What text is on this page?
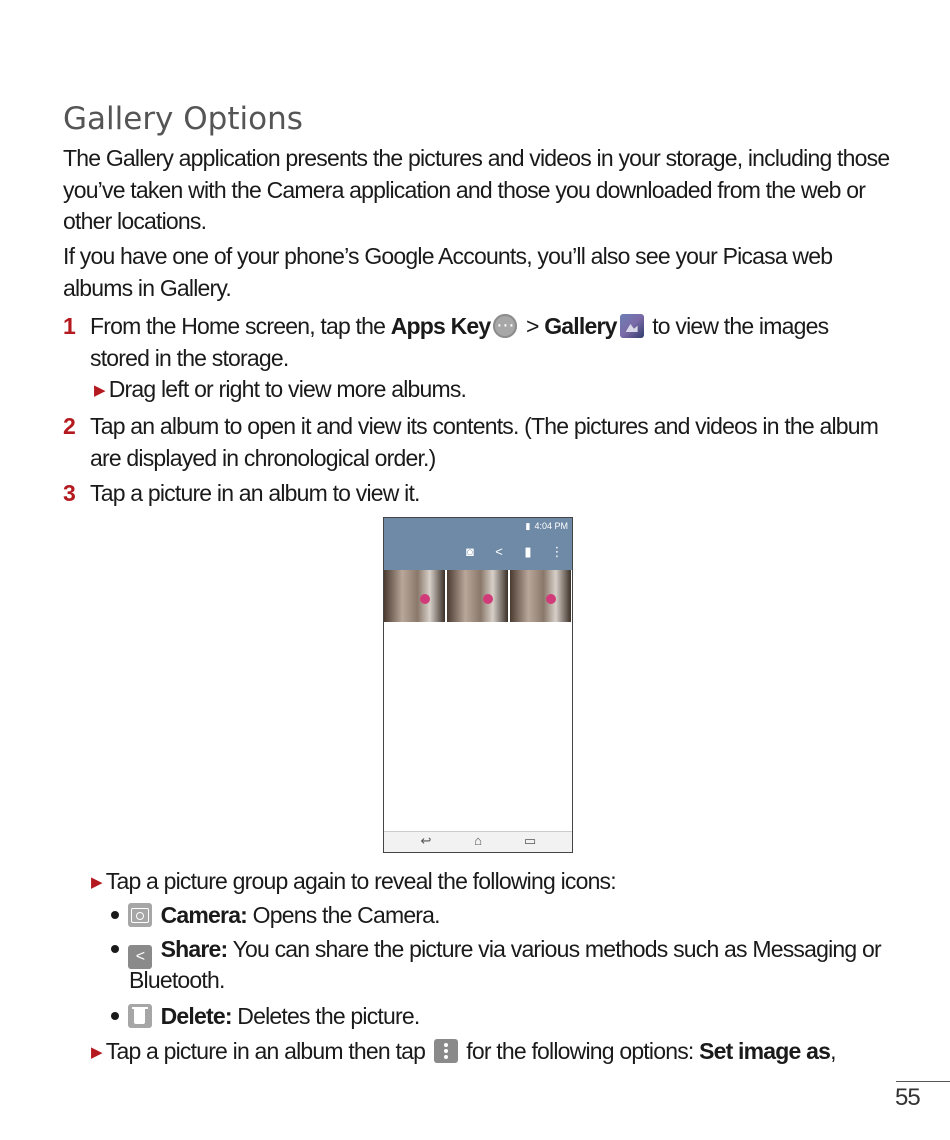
Gallery Options
The Gallery application presents the pictures and videos in your storage, including those you’ve taken with the Camera application and those you downloaded from the web or other locations.
If you have one of your phone’s Google Accounts, you’ll also see your Picasa web albums in Gallery.
1 From the Home screen, tap the Apps Key⋯ > Gallery to view the images stored in the storage.
▶ Drag left or right to view more albums.
2 Tap an album to open it and view its contents. (The pictures and videos in the album are displayed in chronological order.)
3 Tap a picture in an album to view it.
▮ 4:04 PM
◙	<	▮	⋮
↩	⌂	▭
▶ Tap a picture group again to reveal the following icons:
Camera: Opens the Camera.
< Share: You can share the picture via various methods such as Messaging or
Bluetooth.
Delete: Deletes the picture.
▶ Tap a picture in an album then tap
for the following options: Set image as,
55
